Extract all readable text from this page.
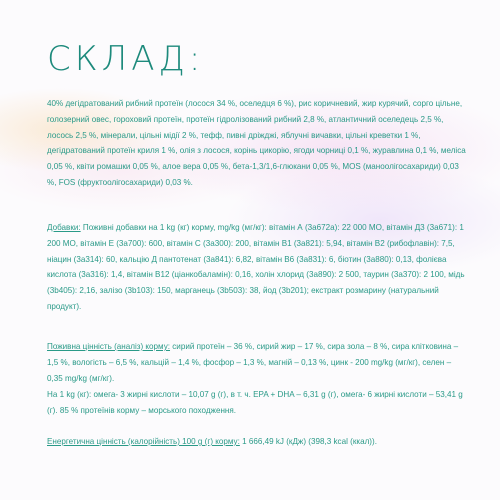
СКЛАД:

40% дегідратований рибний протеїн (лосося 34 %, оселедця 6 %), рис коричневий, жир курячий, сорго цільне, голозерний овес, гороховий протеїн, протеїн гідролізований рибний 2,8 %, атлантичний оселедець 2,5 %, лосось 2,5 %, мінерали, цільні мідії 2 %, тефф, пивні дріжджі, яблучні вичавки, цільні креветки 1 %, дегідратований протеїн криля 1 %, олія з лосося, корінь цикорію, ягоди чорниці 0,1 %, журавлина 0,1 %, меліса 0,05 %, квіти ромашки 0,05 %, алое вера 0,05 %, бета-1,3/1,6-глюкани 0,05 %, MOS (маноолігосахариди) 0,03 %, FOS (фруктоолігосахариди) 0,03 %.

Добавки: Поживні добавки на 1 kg (кг) корму, mg/kg (мг/кг): вітамін А (3а672а): 22 000 МО, вітамін Д3 (3а671): 1 200 МО, вітамін Е (3а700): 600, вітамін С (3а300): 200, вітамін В1 (3а821): 5,94, вітамін В2 (рибофлавін): 7,5, ніацин (3а314): 60, кальцію Д пантотенат (3а841): 6,82, вітамін В6 (3а831): 6, біотин (3а880): 0,13, фолієва кислота (3а316): 1,4, вітамін В12 (ціанкобаламін): 0,16, холін хлорид (3а890): 2 500, таурин (3а370): 2 100, мідь (3b405): 2,16, залізо (3b103): 150, марганець (3b503): 38, йод (3b201); екстракт розмарину (натуральний продукт).

Поживна цінність (аналіз) корму: сирий протеїн – 36 %, сирий жир – 17 %, сира зола – 8 %, сира клітковина – 1,5 %, вологість – 6,5 %, кальцій – 1,4 %, фосфор – 1,3 %, магній – 0,13 %, цинк - 200 mg/kg (мг/кг), селен – 0,35 mg/kg (мг/кг).

На 1 kg (кг): омега- 3 жирні кислоти – 10,07 g (г), в т. ч. EPA + DHA – 6,31 g (г), омега- 6 жирні кислоти – 53,41 g (г). 85 % протеїнів корму – морського походження.

Енергетична цінність (калорійність) 100 g (г) корму: 1 666,49 kJ (кДж) (398,3 kcal (ккал)).
